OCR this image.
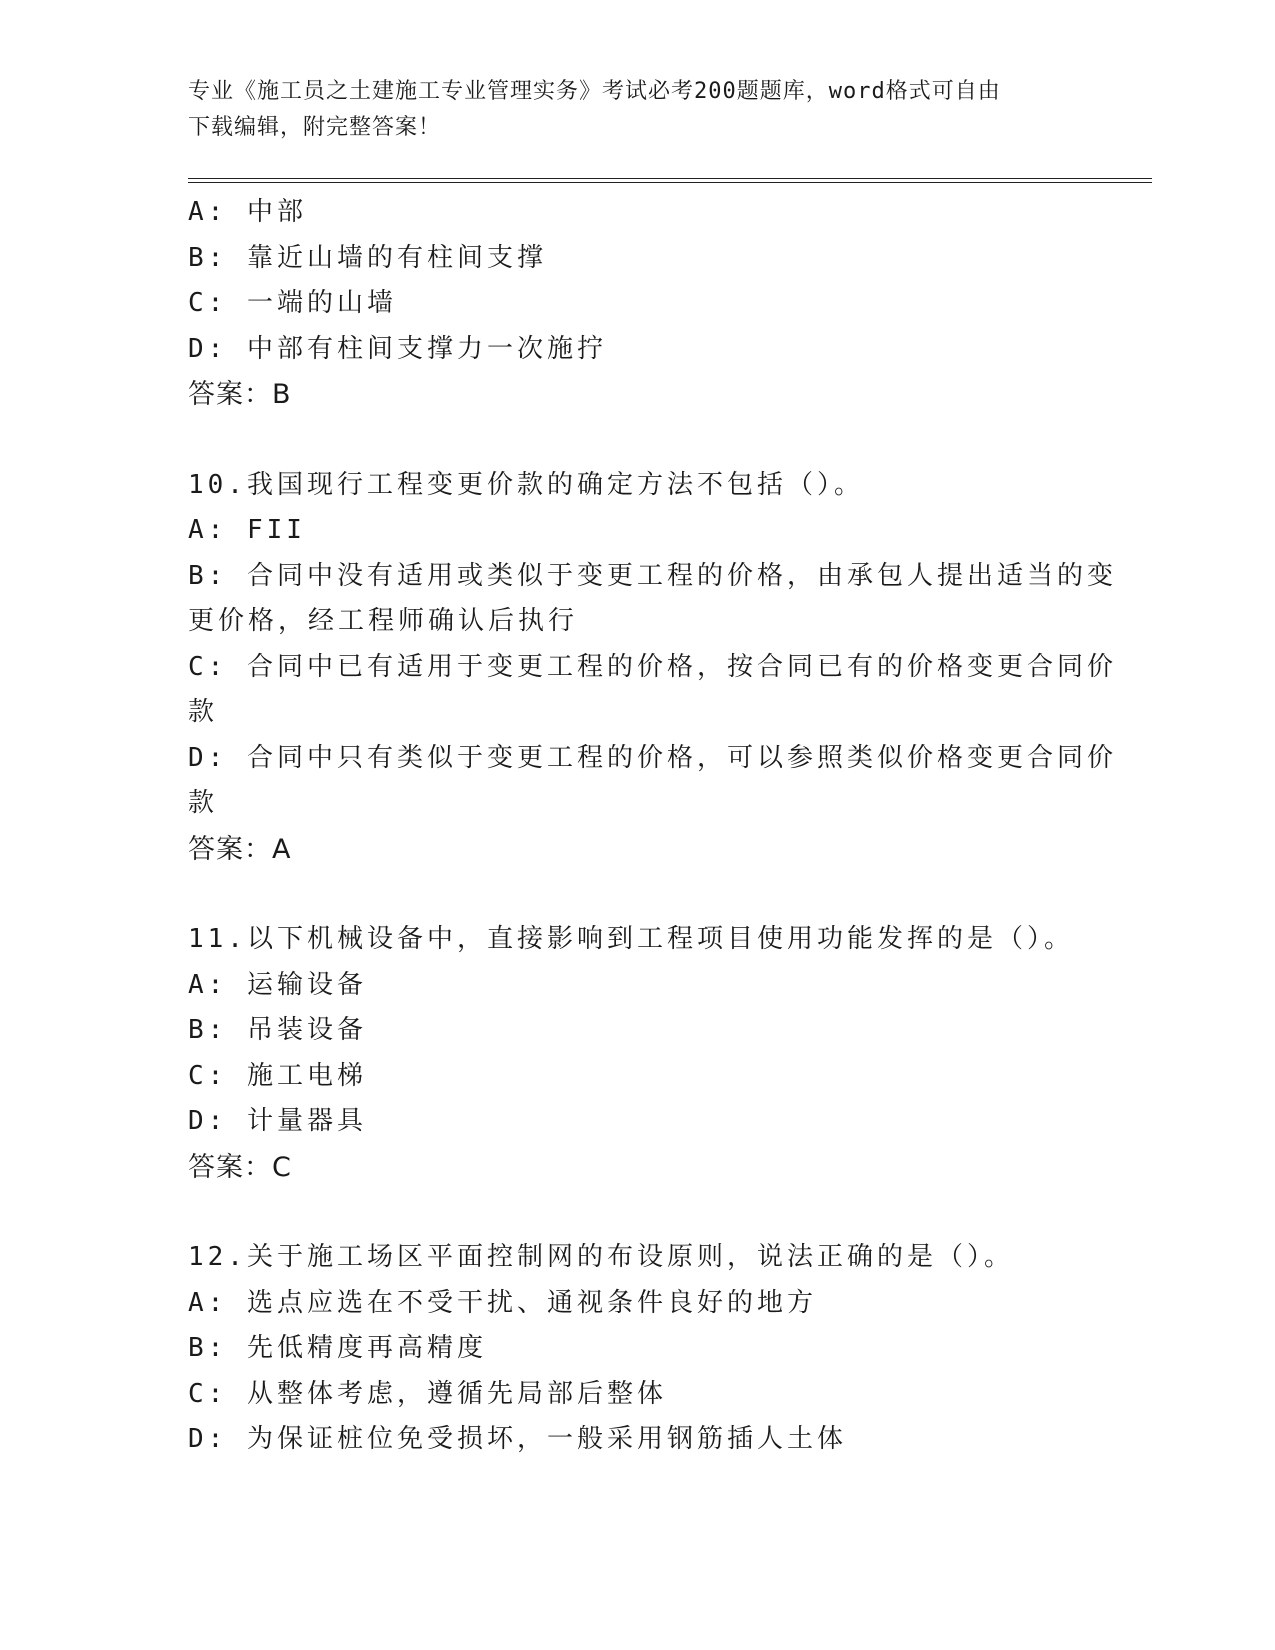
专业《施工员之土建施工专业管理实务》考试必考200题题库，word格式可自由
下载编辑，附完整答案！
A: 中部
B: 靠近山墙的有柱间支撑
C: 一端的山墙
D: 中部有柱间支撑力一次施拧
答案：B
10.我国现行工程变更价款的确定方法不包括（）。
A: FII
B: 合同中没有适用或类似于变更工程的价格，由承包人提出适当的变
更价格，经工程师确认后执行
C: 合同中已有适用于变更工程的价格，按合同已有的价格变更合同价
款
D: 合同中只有类似于变更工程的价格，可以参照类似价格变更合同价
款
答案：A
11.以下机械设备中，直接影响到工程项目使用功能发挥的是（）。
A: 运输设备
B: 吊装设备
C: 施工电梯
D: 计量器具
答案：C
12.关于施工场区平面控制网的布设原则，说法正确的是（）。
A: 选点应选在不受干扰、通视条件良好的地方
B: 先低精度再高精度
C: 从整体考虑，遵循先局部后整体
D: 为保证桩位免受损坏，一般采用钢筋插人土体
